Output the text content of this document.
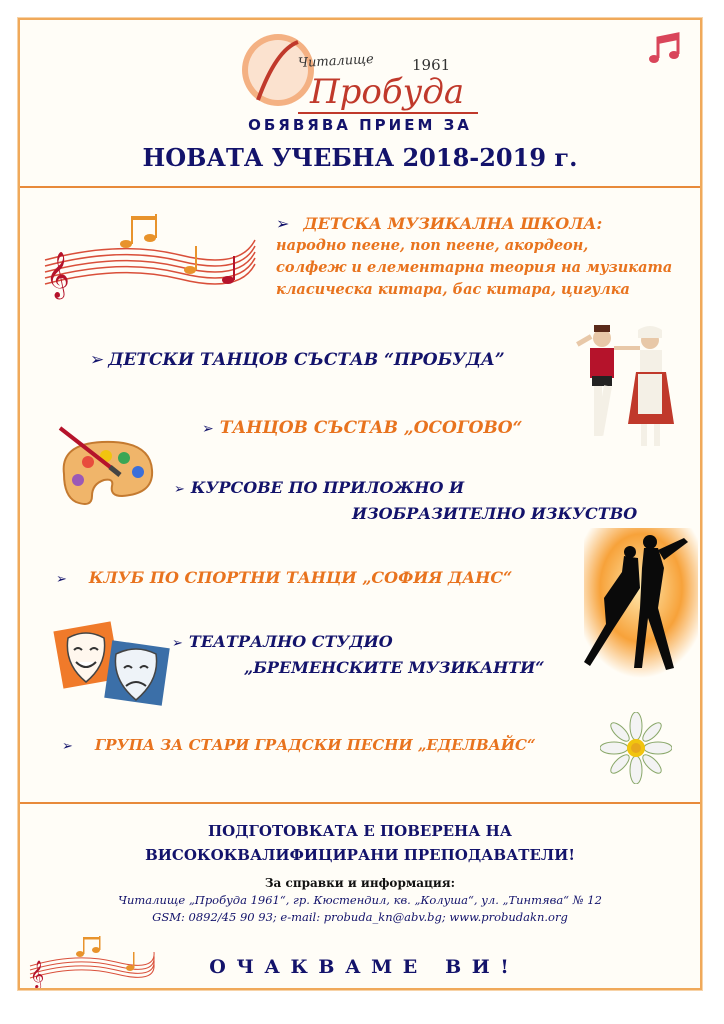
Читалище	1961
Пробуда
ОБЯВЯВА ПРИЕМ ЗА
НОВАТА УЧЕБНА 2018-2019 г.
𝄞
➢ ДЕТСКА МУЗИКАЛНА ШКОЛА:
народно пеене, поп пеене, акордеон,
солфеж и елементарна теория на музиката
класическа китара, бас китара, цигулка
➢ ДЕТСКИ ТАНЦОВ СЪСТАВ “ПРОБУДА”
➢ ТАНЦОВ СЪСТАВ „ОСОГОВО“
➢ КУРСОВЕ ПО ПРИЛОЖНО И
ИЗОБРАЗИТЕЛНО ИЗКУСТВО
➢ КЛУБ ПО СПОРТНИ ТАНЦИ „СОФИЯ ДАНС“
➢ ТЕАТРАЛНО СТУДИО
„БРЕМЕНСКИТЕ МУЗИКАНТИ“
➢ ГРУПА ЗА СТАРИ ГРАДСКИ ПЕСНИ „ЕДЕЛВАЙС“
ПОДГОТОВКАТА Е ПОВЕРЕНА НА
ВИСОКОКВАЛИФИЦИРАНИ ПРЕПОДАВАТЕЛИ!
За справки и информация:
Читалище „Пробуда 1961“, гр. Кюстендил, кв. „Колуша“, ул. „Тинтява“ № 12
GSM: 0892/45 90 93; e-mail: probuda_kn@abv.bg; www.probudakn.org
𝄞	О Ч А К В А М Е   В И !
